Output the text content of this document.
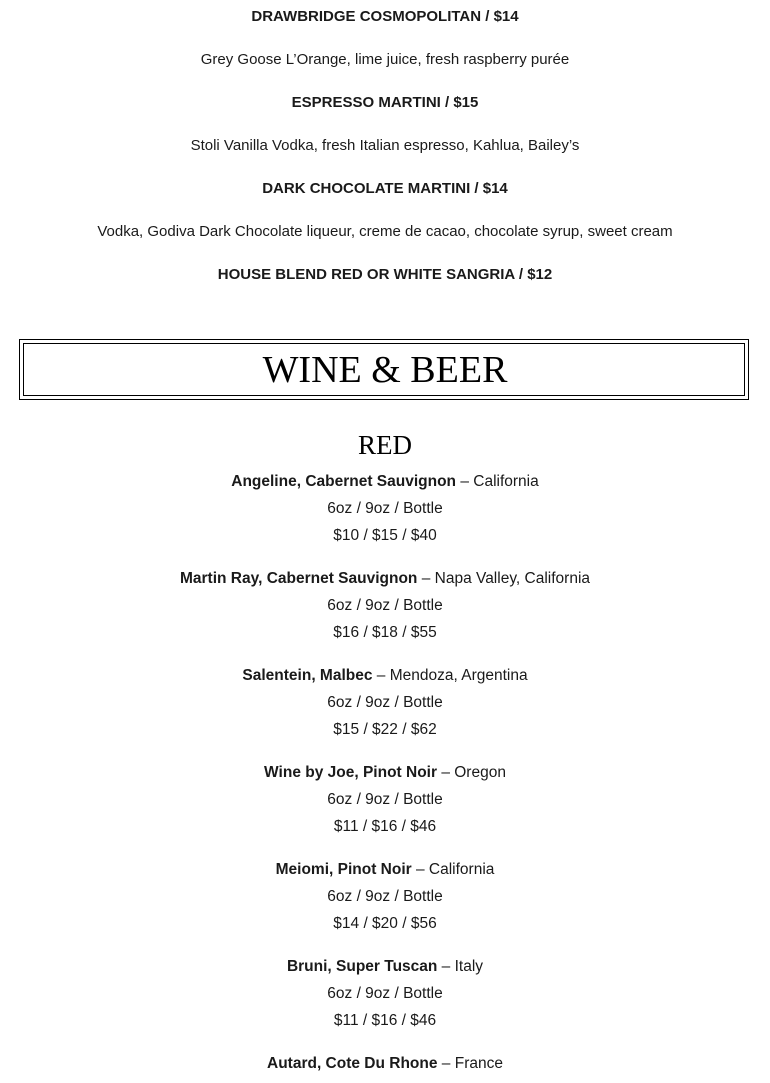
DRAWBRIDGE COSMOPOLITAN / $14
Grey Goose L’Orange, lime juice, fresh raspberry purée
ESPRESSO MARTINI / $15
Stoli Vanilla Vodka, fresh Italian espresso, Kahlua, Bailey’s
DARK CHOCOLATE MARTINI / $14
Vodka, Godiva Dark Chocolate liqueur, creme de cacao, chocolate syrup, sweet cream
HOUSE BLEND RED OR WHITE SANGRIA / $12
WINE & BEER
RED
Angeline, Cabernet Sauvignon – California
6oz / 9oz / Bottle
$10 / $15 / $40
Martin Ray, Cabernet Sauvignon – Napa Valley, California
6oz / 9oz / Bottle
$16 / $18 / $55
Salentein, Malbec – Mendoza, Argentina
6oz / 9oz / Bottle
$15 / $22 / $62
Wine by Joe, Pinot Noir – Oregon
6oz / 9oz / Bottle
$11 / $16 / $46
Meiomi, Pinot Noir – California
6oz / 9oz / Bottle
$14 / $20 / $56
Bruni, Super Tuscan – Italy
6oz / 9oz / Bottle
$11 / $16 / $46
Autard, Cote Du Rhone – France
